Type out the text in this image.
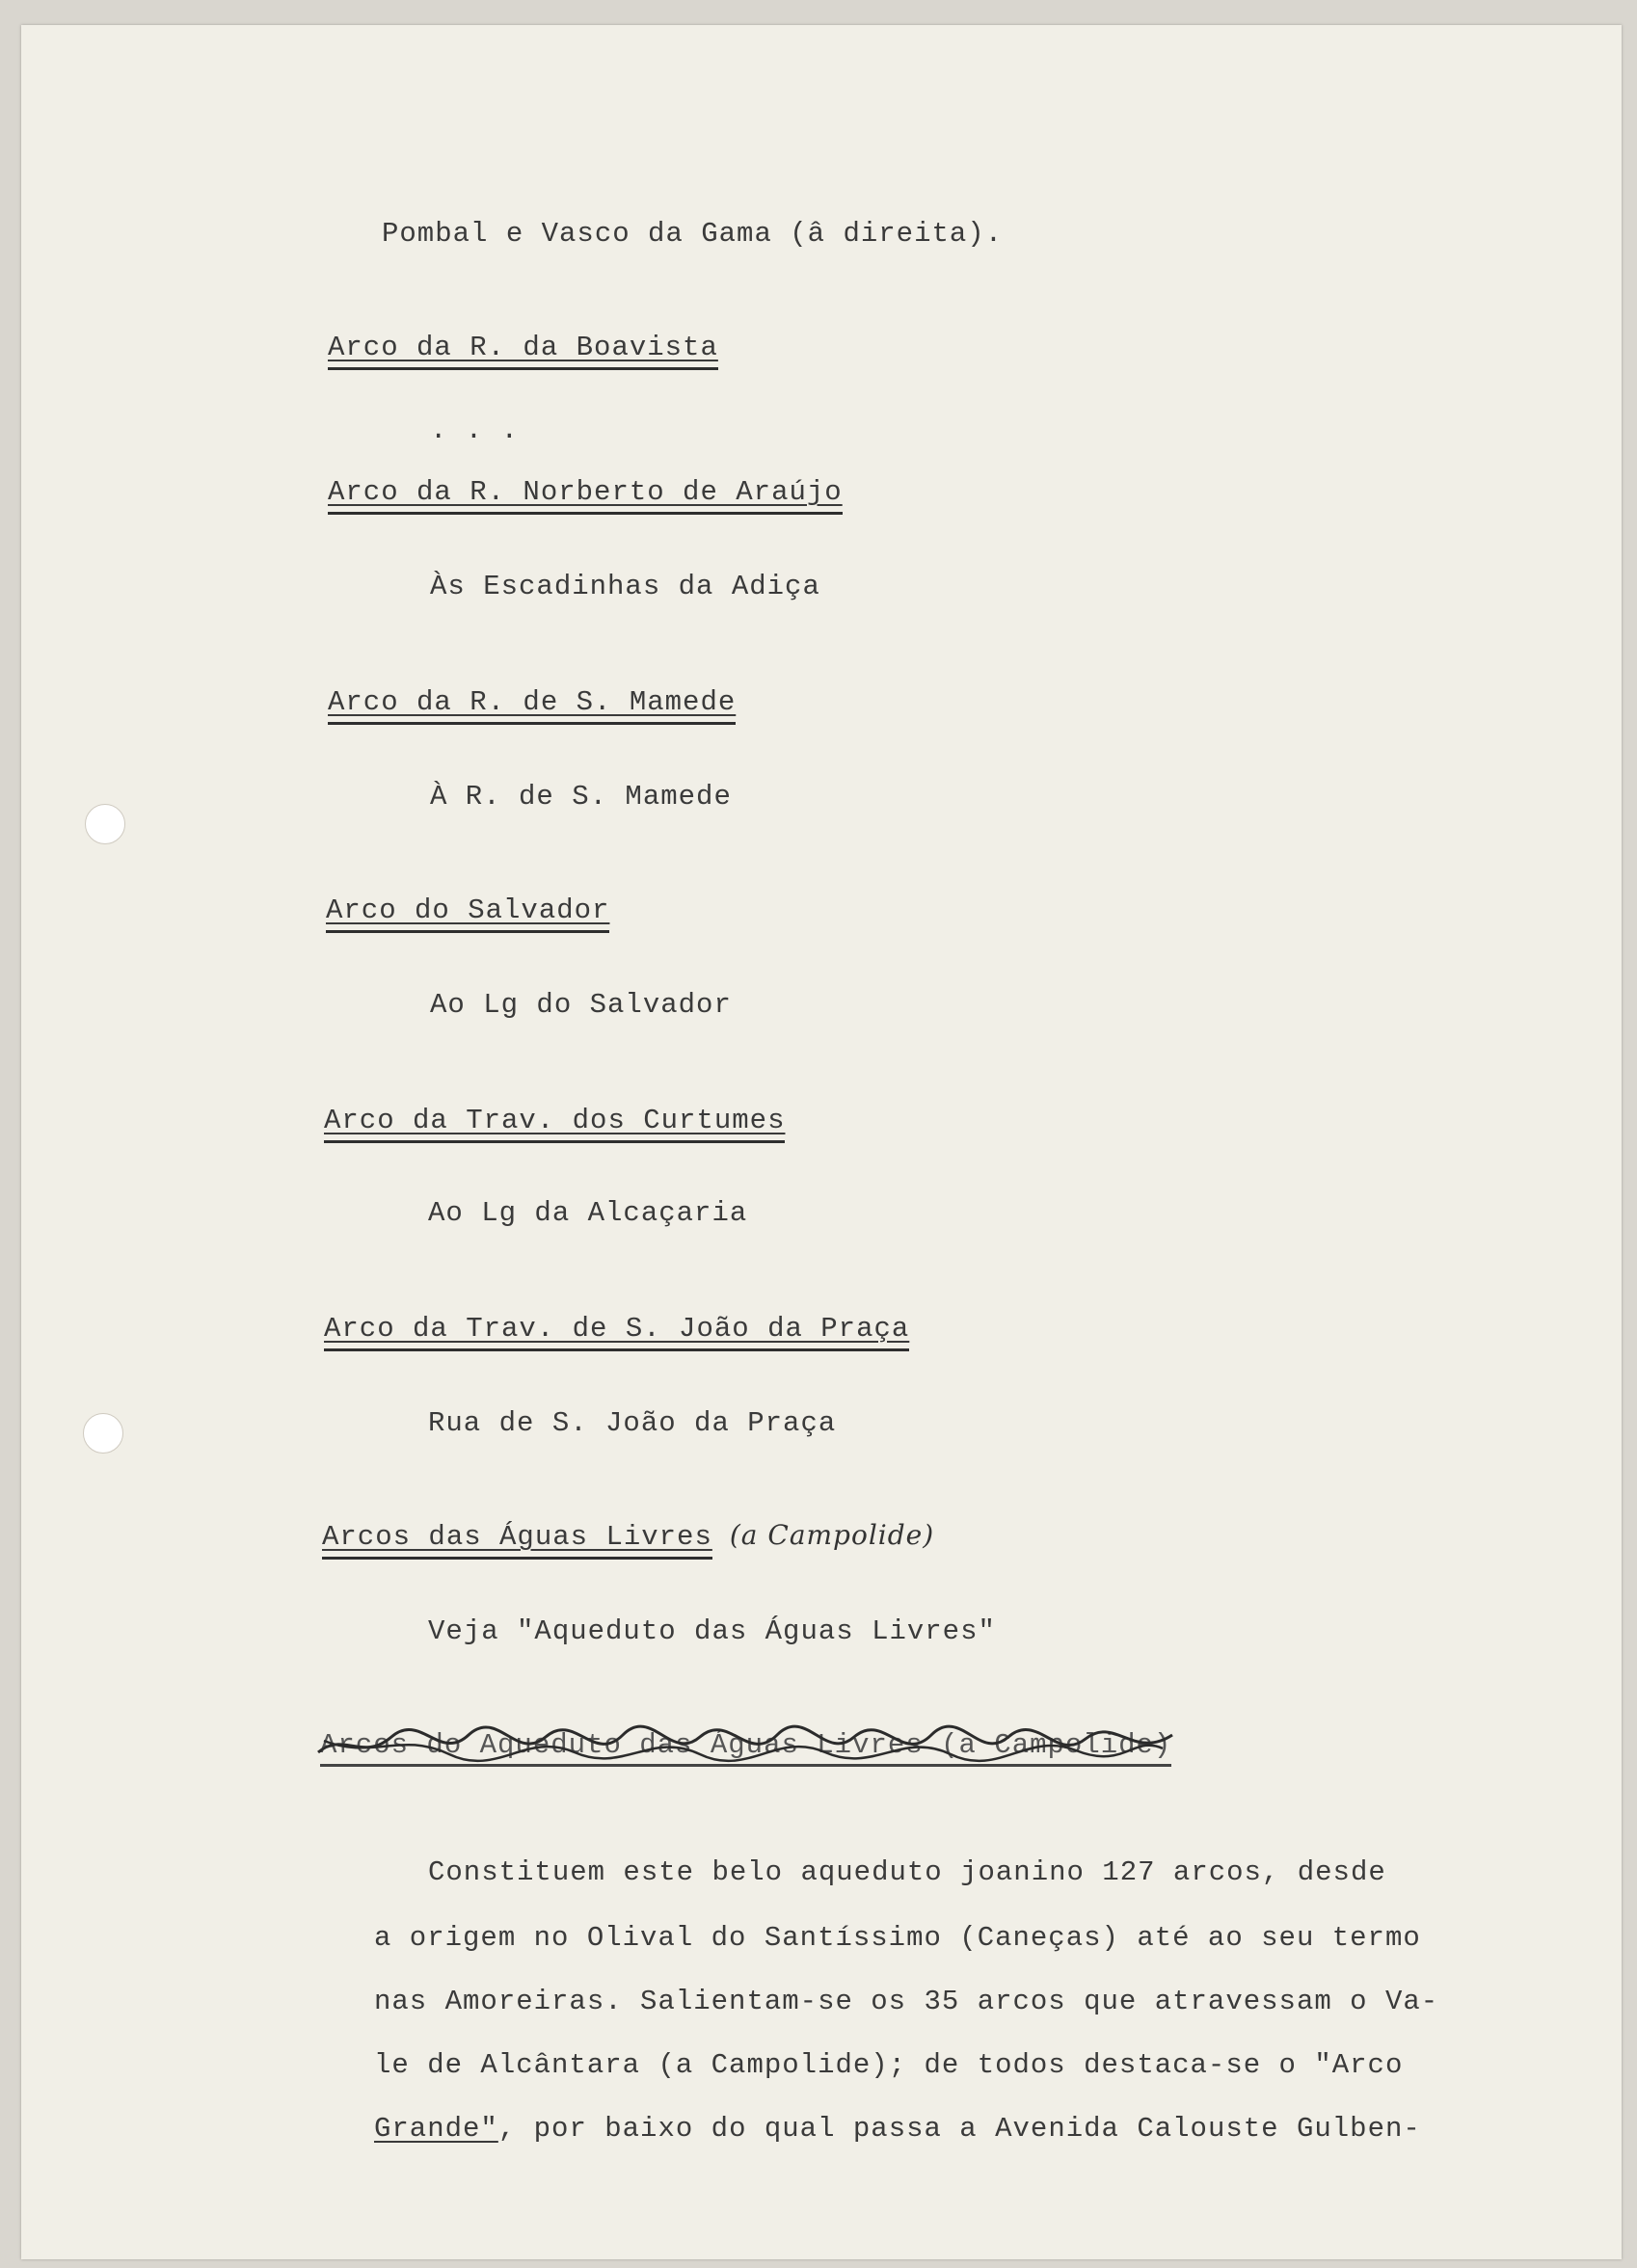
Pombal e Vasco da Gama (â direita).
Arco da R. da Boavista
. . .
Arco da R. Norberto de Araújo
Às Escadinhas da Adiça
Arco da R. de S. Mamede
À R. de S. Mamede
Arco do Salvador
Ao Lg do Salvador
Arco da Trav. dos Curtumes
Ao Lg da Alcaçaria
Arco da Trav. de S. João da Praça
Rua de S. João da Praça
Arcos das Águas Livres (a Campolide)
Veja "Aqueduto das Águas Livres"
Arcos do Aqueduto das Águas Livres (a Campolide)
Constituem este belo aqueduto joanino 127 arcos, desde
a origem no Olival do Santíssimo (Caneças) até ao seu termo
nas Amoreiras. Salientam-se os 35 arcos que atravessam o Va-
le de Alcântara (a Campolide); de todos destaca-se o "Arco
Grande", por baixo do qual passa a Avenida Calouste Gulben-
